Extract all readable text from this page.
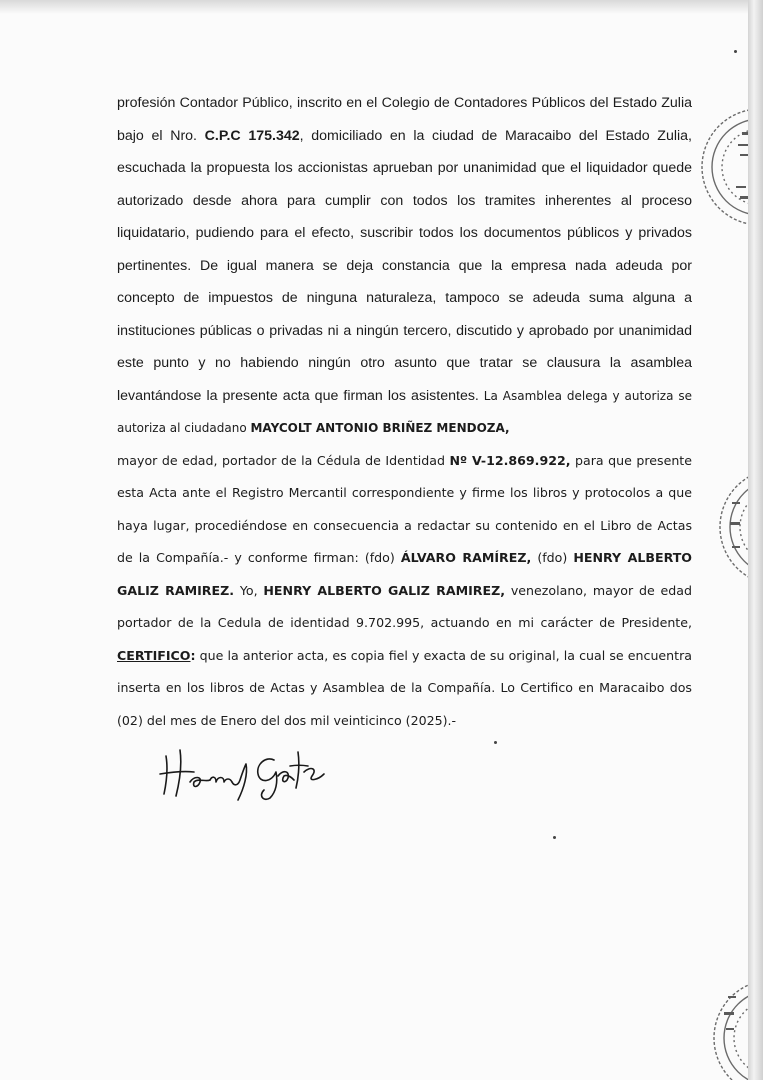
profesión Contador Público, inscrito en el Colegio de Contadores Públicos del Estado Zulia bajo el Nro. C.P.C 175.342, domiciliado en la ciudad de Maracaibo del Estado Zulia, escuchada la propuesta los accionistas aprueban por unanimidad que el liquidador quede autorizado desde ahora para cumplir con todos los tramites inherentes al proceso liquidatario, pudiendo para el efecto, suscribir todos los documentos públicos y privados pertinentes. De igual manera se deja constancia que la empresa nada adeuda por concepto de impuestos de ninguna naturaleza, tampoco se adeuda suma alguna a instituciones públicas o privadas ni a ningún tercero, discutido y aprobado por unanimidad este punto y no habiendo ningún otro asunto que tratar se clausura la asamblea levantándose la presente acta que firman los asistentes. La Asamblea delega y autoriza se autoriza al ciudadano MAYCOLT ANTONIO BRIÑEZ MENDOZA,

mayor de edad, portador de la Cédula de Identidad Nº V-12.869.922, para que presente esta Acta ante el Registro Mercantil correspondiente y firme los libros y protocolos a que haya lugar, procediéndose en consecuencia a redactar su contenido en el Libro de Actas de la Compañía.- y conforme firman: (fdo) ÁLVARO RAMÍREZ, (fdo) HENRY ALBERTO GALIZ RAMIREZ. Yo, HENRY ALBERTO GALIZ RAMIREZ, venezolano, mayor de edad portador de la Cedula de identidad 9.702.995, actuando en mi carácter de Presidente, CERTIFICO: que la anterior acta, es copia fiel y exacta de su original, la cual se encuentra inserta en los libros de Actas y Asamblea de la Compañía. Lo Certifico en Maracaibo dos (02) del mes de Enero del dos mil veinticinco (2025).-
